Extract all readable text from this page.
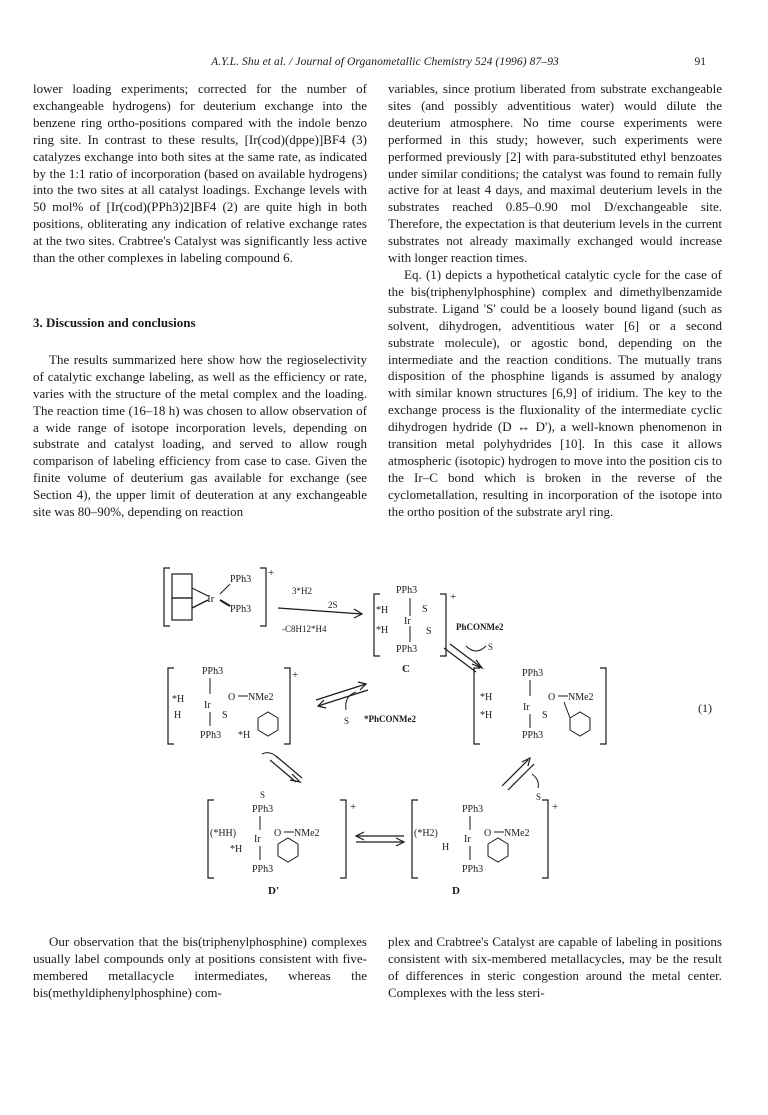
A.Y.L. Shu et al. / Journal of Organometallic Chemistry 524 (1996) 87–93	91

lower loading experiments; corrected for the number of exchangeable hydrogens) for deuterium exchange into the benzene ring ortho-positions compared with the indole benzo ring site. In contrast to these results, [Ir(cod)(dppe)]BF4 (3) catalyzes exchange into both sites at the same rate, as indicated by the 1:1 ratio of incorporation (based on available hydrogens) into the two sites at all catalyst loadings. Exchange levels with 50 mol% of [Ir(cod)(PPh3)2]BF4 (2) are quite high in both positions, obliterating any indication of relative exchange rates at the two sites. Crabtree's Catalyst was significantly less active than the other complexes in labeling compound 6.

3. Discussion and conclusions

The results summarized here show how the regioselectivity of catalytic exchange labeling, as well as the efficiency or rate, varies with the structure of the metal complex and the loading. The reaction time (16–18 h) was chosen to allow observation of a wide range of isotope incorporation levels, depending on substrate and catalyst loading, and served to allow rough comparison of labeling efficiency from case to case. Given the finite volume of deuterium gas available for exchange (see Section 4), the upper limit of deuteration at any exchangeable site was 80–90%, depending on reaction

variables, since protium liberated from substrate exchangeable sites (and possibly adventitious water) would dilute the deuterium atmosphere. No time course experiments were performed in this study; however, such experiments were performed previously [2] with para-substituted ethyl benzoates under similar conditions; the catalyst was found to remain fully active for at least 4 days, and maximal deuterium levels in the substrates reached 0.85–0.90 mol D/exchangeable site. Therefore, the expectation is that deuterium levels in the current substrates not already maximally exchanged would increase with longer reaction times.

Eq. (1) depicts a hypothetical catalytic cycle for the case of the bis(triphenylphosphine) complex and dimethylbenzamide substrate. Ligand 'S' could be a loosely bound ligand (such as solvent, dihydrogen, adventitious water [6] or a second substrate molecule), or agostic bond, depending on the intermediate and the reaction conditions. The mutually trans disposition of the phosphine ligands is assumed by analogy with similar known structures [6,9] of iridium. The key to the exchange process is the fluxionality of the intermediate cyclic dihydrogen hydride (D ↔ D'), a well-known phenomenon in transition metal polyhydrides [10]. In this case it allows atmospheric (isotopic) hydrogen to move into the position cis to the Ir–C bond which is broken in the reverse of the cyclometallation, resulting in incorporation of the isotope into the ortho position of the substrate aryl ring.

Ir
PPh3
PPh3
+
3*H2
2S
-C8H12*H4
PPh3
*H
*H
Ir
S
S
PPh3
+
C
PhCONMe2
S
PPh3
*H
*H
Ir
O NMe2
S
PPh3
(1)
PPh3
*H
H
Ir
O NMe2
S
PPh3 *H
+
S *PhCONMe2
S	S
PPh3
(*HH)
Ir
O NMe2
*H
PPh3
+
D'
PPh3
(*H2)
Ir
O NMe2
H
PPh3
+
D

Our observation that the bis(triphenylphosphine) complexes usually label compounds only at positions consistent with five-membered metallacycle intermediates, whereas the bis(methyldiphenylphosphine) com-

plex and Crabtree's Catalyst are capable of labeling in positions consistent with six-membered metallacycles, may be the result of differences in steric congestion around the metal center. Complexes with the less steri-
